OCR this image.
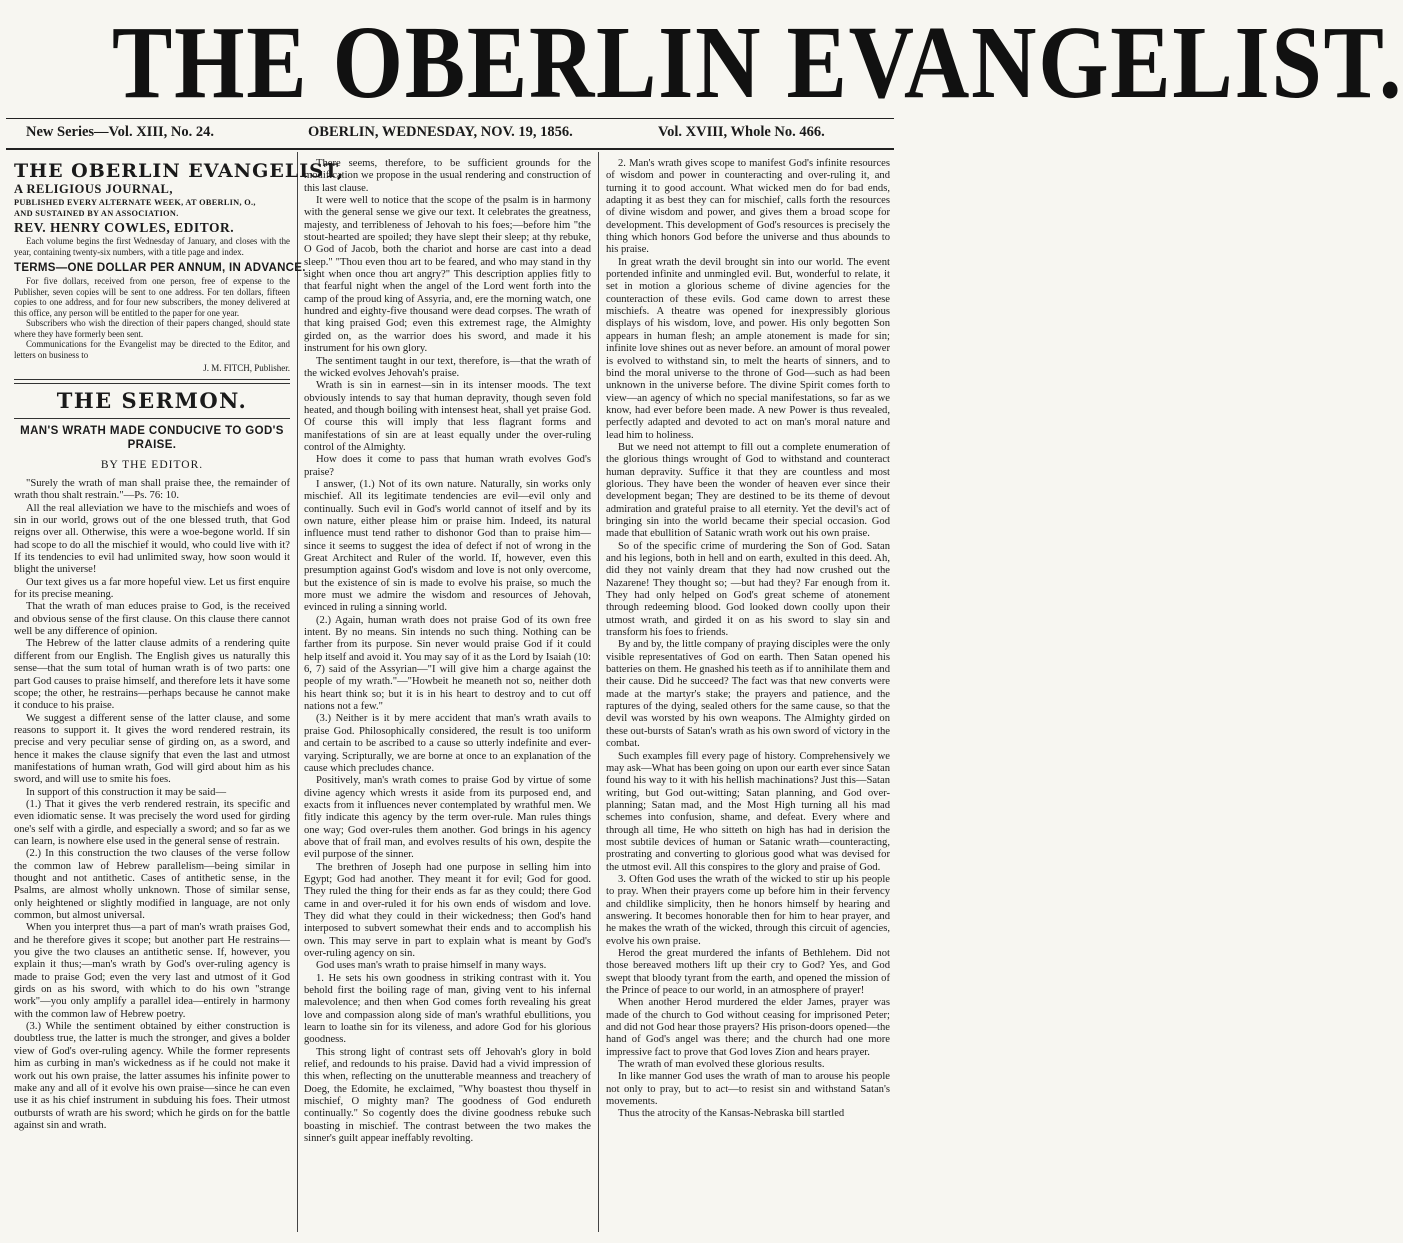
THE OBERLIN EVANGELIST.
New Series—Vol. XIII, No. 24.	OBERLIN, WEDNESDAY, NOV. 19, 1856.	Vol. XVIII, Whole No. 466.
THE OBERLIN EVANGELIST,

A RELIGIOUS JOURNAL,

PUBLISHED EVERY ALTERNATE WEEK, AT OBERLIN, O.,

AND SUSTAINED BY AN ASSOCIATION.

REV. HENRY COWLES, EDITOR.

Each volume begins the first Wednesday of January, and closes with the year, containing twenty-six numbers, with a title page and index.

TERMS—ONE DOLLAR PER ANNUM, IN ADVANCE.

For five dollars, received from one person, free of expense to the Publisher, seven copies will be sent to one address. For ten dollars, fifteen copies to one address, and for four new subscribers, the money delivered at this office, any person will be entitled to the paper for one year.

Subscribers who wish the direction of their papers changed, should state where they have formerly been sent.

Communications for the Evangelist may be directed to the Editor, and letters on business to

J. M. FITCH, Publisher.
THE SERMON.
MAN'S WRATH MADE CONDUCIVE TO GOD'S PRAISE.
BY THE EDITOR.

"Surely the wrath of man shall praise thee, the remainder of wrath thou shalt restrain."—Ps. 76: 10.

All the real alleviation we have to the mischiefs and woes of sin in our world, grows out of the one blessed truth, that God reigns over all. Otherwise, this were a woe-begone world. If sin had scope to do all the mischief it would, who could live with it? If its tendencies to evil had unlimited sway, how soon would it blight the universe!

Our text gives us a far more hopeful view. Let us first enquire for its precise meaning.

That the wrath of man educes praise to God, is the received and obvious sense of the first clause. On this clause there cannot well be any difference of opinion.

The Hebrew of the latter clause admits of a rendering quite different from our English. The English gives us naturally this sense—that the sum total of human wrath is of two parts: one part God causes to praise himself, and therefore lets it have some scope; the other, he restrains—perhaps because he cannot make it conduce to his praise.

We suggest a different sense of the latter clause, and some reasons to support it. It gives the word rendered restrain, its precise and very peculiar sense of girding on, as a sword, and hence it makes the clause signify that even the last and utmost manifestations of human wrath, God will gird about him as his sword, and will use to smite his foes.

In support of this construction it may be said—

(1.) That it gives the verb rendered restrain, its specific and even idiomatic sense. It was precisely the word used for girding one's self with a girdle, and especially a sword; and so far as we can learn, is nowhere else used in the general sense of restrain.

(2.) In this construction the two clauses of the verse follow the common law of Hebrew parallelism—being similar in thought and not antithetic. Cases of antithetic sense, in the Psalms, are almost wholly unknown. Those of similar sense, only heightened or slightly modified in language, are not only common, but almost universal.

When you interpret thus—a part of man's wrath praises God, and he therefore gives it scope; but another part He restrains—you give the two clauses an antithetic sense. If, however, you explain it thus;—man's wrath by God's over-ruling agency is made to praise God; even the very last and utmost of it God girds on as his sword, with which to do his own "strange work"—you only amplify a parallel idea—entirely in harmony with the common law of Hebrew poetry.

(3.) While the sentiment obtained by either construction is doubtless true, the latter is much the stronger, and gives a bolder view of God's over-ruling agency. While the former represents him as curbing in man's wickedness as if he could not make it work out his own praise, the latter assumes his infinite power to make any and all of it evolve his own praise—since he can even use it as his chief instrument in subduing his foes. Their utmost outbursts of wrath are his sword; which he girds on for the battle against sin and wrath.

There seems, therefore, to be sufficient grounds for the modification we propose in the usual rendering and construction of this last clause.

It were well to notice that the scope of the psalm is in harmony with the general sense we give our text. It celebrates the greatness, majesty, and terribleness of Jehovah to his foes;—before him "the stout-hearted are spoiled; they have slept their sleep; at thy rebuke, O God of Jacob, both the chariot and horse are cast into a dead sleep." "Thou even thou art to be feared, and who may stand in thy sight when once thou art angry?" This description applies fitly to that fearful night when the angel of the Lord went forth into the camp of the proud king of Assyria, and, ere the morning watch, one hundred and eighty-five thousand were dead corpses. The wrath of that king praised God; even this extremest rage, the Almighty girded on, as the warrior does his sword, and made it his instrument for his own glory.

The sentiment taught in our text, therefore, is—that the wrath of the wicked evolves Jehovah's praise.

Wrath is sin in earnest—sin in its intenser moods. The text obviously intends to say that human depravity, though seven fold heated, and though boiling with intensest heat, shall yet praise God. Of course this will imply that less flagrant forms and manifestations of sin are at least equally under the over-ruling control of the Almighty.

How does it come to pass that human wrath evolves God's praise?

I answer, (1.) Not of its own nature. Naturally, sin works only mischief. All its legitimate tendencies are evil—evil only and continually. Such evil in God's world cannot of itself and by its own nature, either please him or praise him. Indeed, its natural influence must tend rather to dishonor God than to praise him—since it seems to suggest the idea of defect if not of wrong in the Great Architect and Ruler of the world. If, however, even this presumption against God's wisdom and love is not only overcome, but the existence of sin is made to evolve his praise, so much the more must we admire the wisdom and resources of Jehovah, evinced in ruling a sinning world.

(2.) Again, human wrath does not praise God of its own free intent. By no means. Sin intends no such thing. Nothing can be farther from its purpose. Sin never would praise God if it could help itself and avoid it. You may say of it as the Lord by Isaiah (10: 6, 7) said of the Assyrian—"I will give him a charge against the people of my wrath."—"Howbeit he meaneth not so, neither doth his heart think so; but it is in his heart to destroy and to cut off nations not a few."

(3.) Neither is it by mere accident that man's wrath avails to praise God. Philosophically considered, the result is too uniform and certain to be ascribed to a cause so utterly indefinite and ever-varying. Scripturally, we are borne at once to an explanation of the cause which precludes chance.

Positively, man's wrath comes to praise God by virtue of some divine agency which wrests it aside from its purposed end, and exacts from it influences never contemplated by wrathful men. We fitly indicate this agency by the term over-rule. Man rules things one way; God over-rules them another. God brings in his agency above that of frail man, and evolves results of his own, despite the evil purpose of the sinner.

The brethren of Joseph had one purpose in selling him into Egypt; God had another. They meant it for evil; God for good. They ruled the thing for their ends as far as they could; there God came in and over-ruled it for his own ends of wisdom and love. They did what they could in their wickedness; then God's hand interposed to subvert somewhat their ends and to accomplish his own. This may serve in part to explain what is meant by God's over-ruling agency on sin.

God uses man's wrath to praise himself in many ways.

1. He sets his own goodness in striking contrast with it. You behold first the boiling rage of man, giving vent to his infernal malevolence; and then when God comes forth revealing his great love and compassion along side of man's wrathful ebullitions, you learn to loathe sin for its vileness, and adore God for his glorious goodness.

This strong light of contrast sets off Jehovah's glory in bold relief, and redounds to his praise. David had a vivid impression of this when, reflecting on the unutterable meanness and treachery of Doeg, the Edomite, he exclaimed, "Why boastest thou thyself in mischief, O mighty man? The goodness of God endureth continually." So cogently does the divine goodness rebuke such boasting in mischief. The contrast between the two makes the sinner's guilt appear ineffably revolting.

2. Man's wrath gives scope to manifest God's infinite resources of wisdom and power in counteracting and over-ruling it, and turning it to good account. What wicked men do for bad ends, adapting it as best they can for mischief, calls forth the resources of divine wisdom and power, and gives them a broad scope for development. This development of God's resources is precisely the thing which honors God before the universe and thus abounds to his praise.

In great wrath the devil brought sin into our world. The event portended infinite and unmingled evil. But, wonderful to relate, it set in motion a glorious scheme of divine agencies for the counteraction of these evils. God came down to arrest these mischiefs. A theatre was opened for inexpressibly glorious displays of his wisdom, love, and power. His only begotten Son appears in human flesh; an ample atonement is made for sin; infinite love shines out as never before. an amount of moral power is evolved to withstand sin, to melt the hearts of sinners, and to bind the moral universe to the throne of God—such as had been unknown in the universe before. The divine Spirit comes forth to view—an agency of which no special manifestations, so far as we know, had ever before been made. A new Power is thus revealed, perfectly adapted and devoted to act on man's moral nature and lead him to holiness.

But we need not attempt to fill out a complete enumeration of the glorious things wrought of God to withstand and counteract human depravity. Suffice it that they are countless and most glorious. They have been the wonder of heaven ever since their development began; They are destined to be its theme of devout admiration and grateful praise to all eternity. Yet the devil's act of bringing sin into the world became their special occasion. God made that ebullition of Satanic wrath work out his own praise.

So of the specific crime of murdering the Son of God. Satan and his legions, both in hell and on earth, exulted in this deed. Ah, did they not vainly dream that they had now crushed out the Nazarene! They thought so; —but had they? Far enough from it. They had only helped on God's great scheme of atonement through redeeming blood. God looked down coolly upon their utmost wrath, and girded it on as his sword to slay sin and transform his foes to friends.

By and by, the little company of praying disciples were the only visible representatives of God on earth. Then Satan opened his batteries on them. He gnashed his teeth as if to annihilate them and their cause. Did he succeed? The fact was that new converts were made at the martyr's stake; the prayers and patience, and the raptures of the dying, sealed others for the same cause, so that the devil was worsted by his own weapons. The Almighty girded on these out-bursts of Satan's wrath as his own sword of victory in the combat.

Such examples fill every page of history. Comprehensively we may ask—What has been going on upon our earth ever since Satan found his way to it with his hellish machinations? Just this—Satan writing, but God out-witting; Satan planning, and God over-planning; Satan mad, and the Most High turning all his mad schemes into confusion, shame, and defeat. Every where and through all time, He who sitteth on high has had in derision the most subtile devices of human or Satanic wrath—counteracting, prostrating and converting to glorious good what was devised for the utmost evil. All this conspires to the glory and praise of God.

3. Often God uses the wrath of the wicked to stir up his people to pray. When their prayers come up before him in their fervency and childlike simplicity, then he honors himself by hearing and answering. It becomes honorable then for him to hear prayer, and he makes the wrath of the wicked, through this circuit of agencies, evolve his own praise.

Herod the great murdered the infants of Bethlehem. Did not those bereaved mothers lift up their cry to God? Yes, and God swept that bloody tyrant from the earth, and opened the mission of the Prince of peace to our world, in an atmosphere of prayer!

When another Herod murdered the elder James, prayer was made of the church to God without ceasing for imprisoned Peter; and did not God hear those prayers? His prison-doors opened—the hand of God's angel was there; and the church had one more impressive fact to prove that God loves Zion and hears prayer.

The wrath of man evolved these glorious results.

In like manner God uses the wrath of man to arouse his people not only to pray, but to act—to resist sin and withstand Satan's movements.

Thus the atrocity of the Kansas-Nebraska bill startled
